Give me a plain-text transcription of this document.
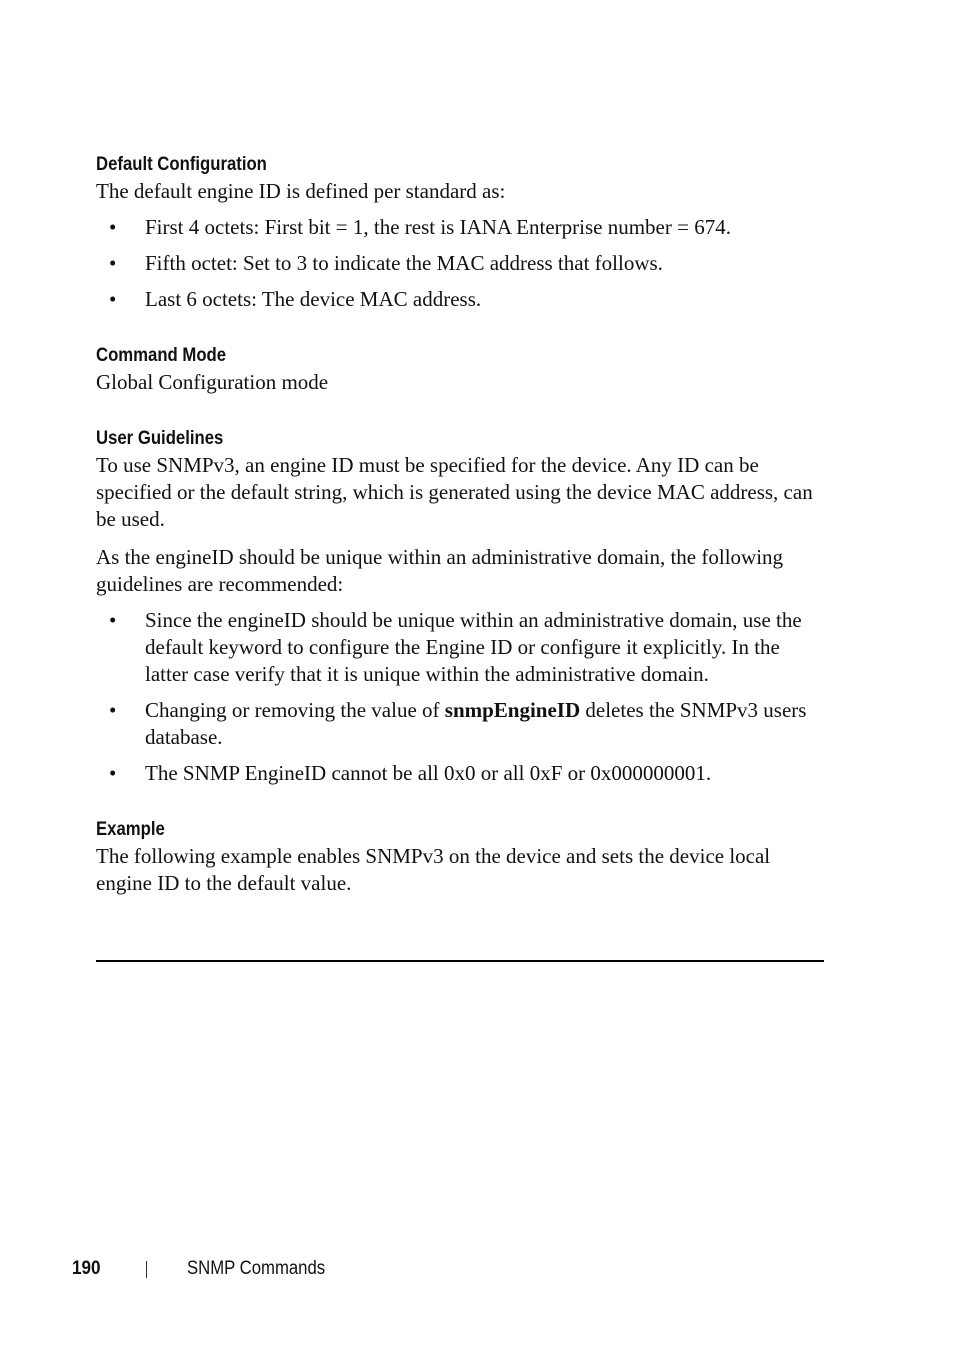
Default Configuration

The default engine ID is defined per standard as:

• First 4 octets: First bit = 1, the rest is IANA Enterprise number = 674.
• Fifth octet: Set to 3 to indicate the MAC address that follows.
• Last 6 octets: The device MAC address.
Command Mode

Global Configuration mode

User Guidelines

To use SNMPv3, an engine ID must be specified for the device. Any ID can be specified or the default string, which is generated using the device MAC address, can be used.

As the engineID should be unique within an administrative domain, the following guidelines are recommended:

• Since the engineID should be unique within an administrative domain, use the default keyword to configure the Engine ID or configure it explicitly. In the latter case verify that it is unique within the administrative domain.
• Changing or removing the value of snmpEngineID deletes the SNMPv3 users database.
• The SNMP EngineID cannot be all 0x0 or all 0xF or 0x000000001.
Example

The following example enables SNMPv3 on the device and sets the device local engine ID to the default value.

190	SNMP Commands
